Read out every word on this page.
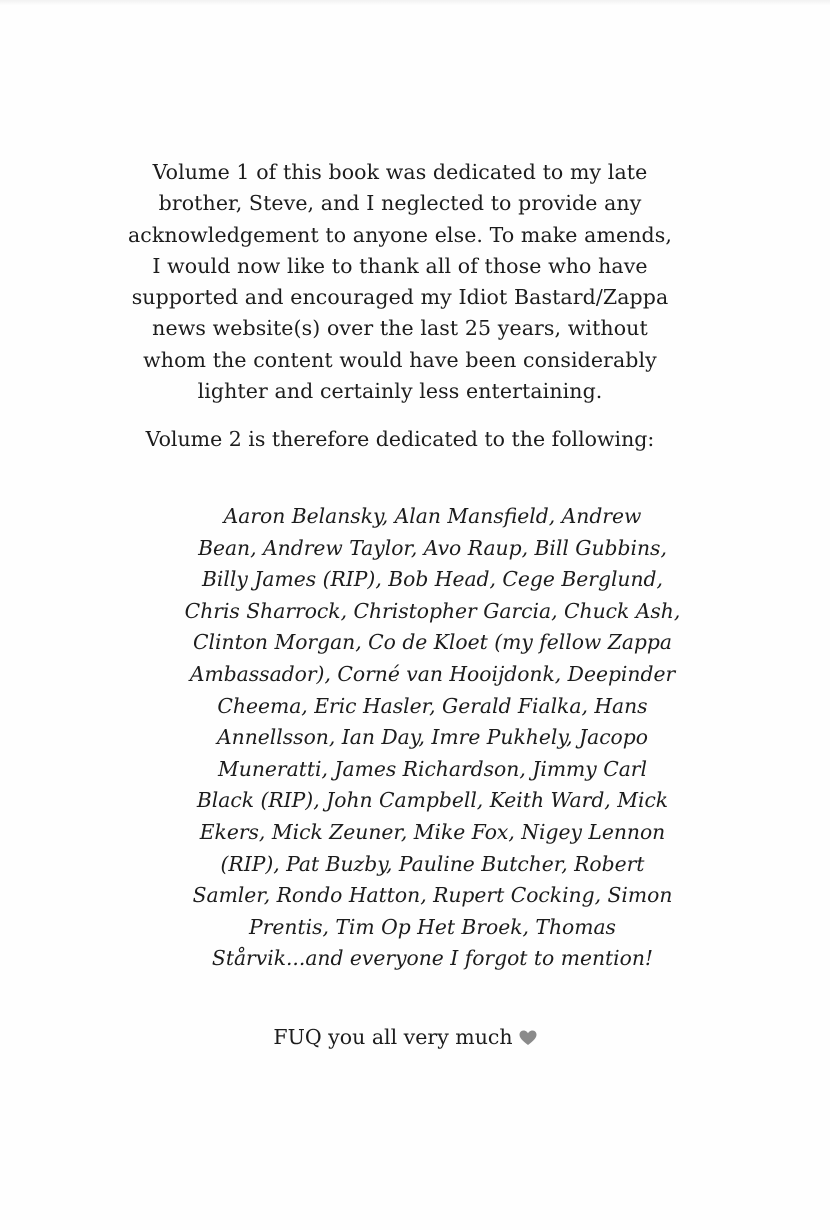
Volume 1 of this book was dedicated to my late
brother, Steve, and I neglected to provide any
acknowledgement to anyone else. To make amends,
I would now like to thank all of those who have
supported and encouraged my Idiot Bastard/Zappa
news website(s) over the last 25 years, without
whom the content would have been considerably
lighter and certainly less entertaining.

Volume 2 is therefore dedicated to the following:

Aaron Belansky, Alan Mansfield, Andrew
Bean, Andrew Taylor, Avo Raup, Bill Gubbins,
Billy James (RIP), Bob Head, Cege Berglund,
Chris Sharrock, Christopher Garcia, Chuck Ash,
Clinton Morgan, Co de Kloet (my fellow Zappa
Ambassador), Corné van Hooijdonk, Deepinder
Cheema, Eric Hasler, Gerald Fialka, Hans
Annellsson, Ian Day, Imre Pukhely, Jacopo
Muneratti, James Richardson, Jimmy Carl
Black (RIP), John Campbell, Keith Ward, Mick
Ekers, Mick Zeuner, Mike Fox, Nigey Lennon
(RIP), Pat Buzby, Pauline Butcher, Robert
Samler, Rondo Hatton, Rupert Cocking, Simon
Prentis, Tim Op Het Broek, Thomas
Stårvik...and everyone I forgot to mention!

FUQ you all very much
